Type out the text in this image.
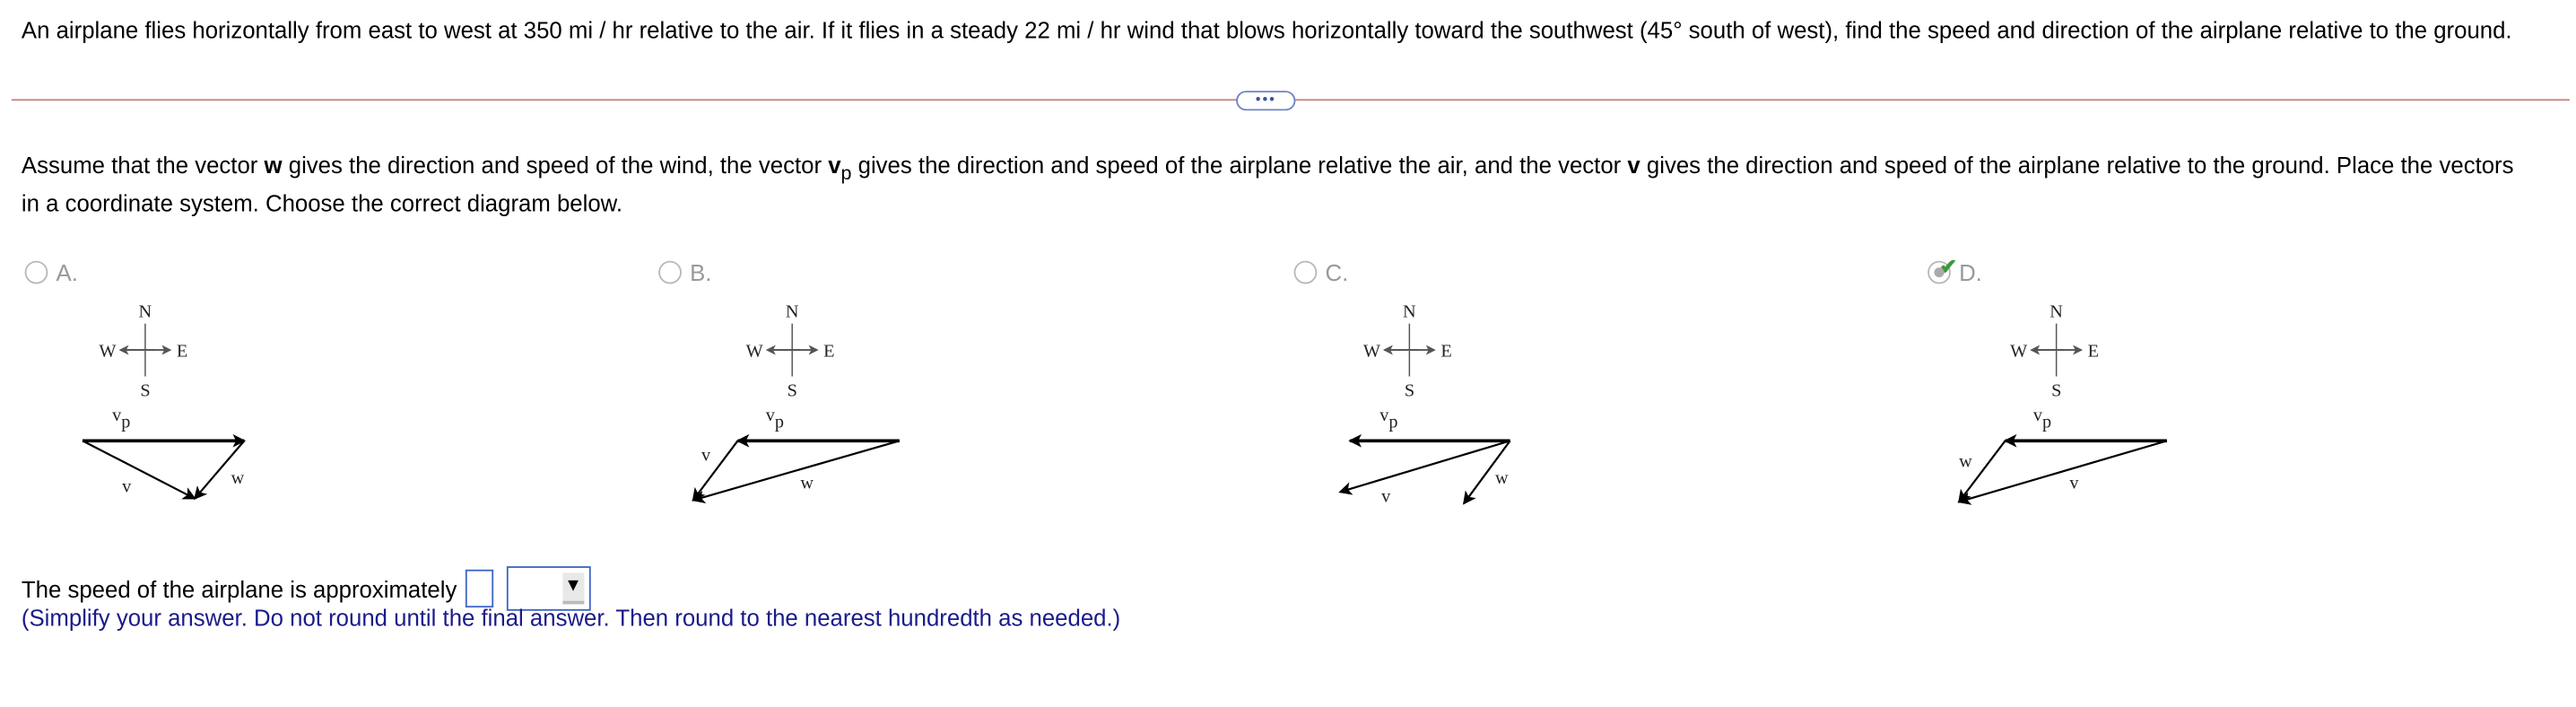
An airplane flies horizontally from east to west at 350 mi / hr relative to the air. If it flies in a steady 22 mi / hr wind that blows horizontally toward the southwest (45° south of west), find the speed and direction of the airplane relative to the ground.
•••
Assume that the vector w gives the direction and speed of the wind, the vector $v_p$ gives the direction and speed of the airplane relative the air, and the vector v gives the direction and speed of the airplane relative to the ground. Place the vectors
in a coordinate system. Choose the correct diagram below.
A.	B.	C.	✔ D.
N
S
W	E
vp
v	w
N
S
W	E
vp
v
w
N
S
W	E
vp
v
w
N
S
W	E
vp
v
w
The speed of the airplane is approximately	▼
(Simplify your answer. Do not round until the final answer. Then round to the nearest hundredth as needed.)
